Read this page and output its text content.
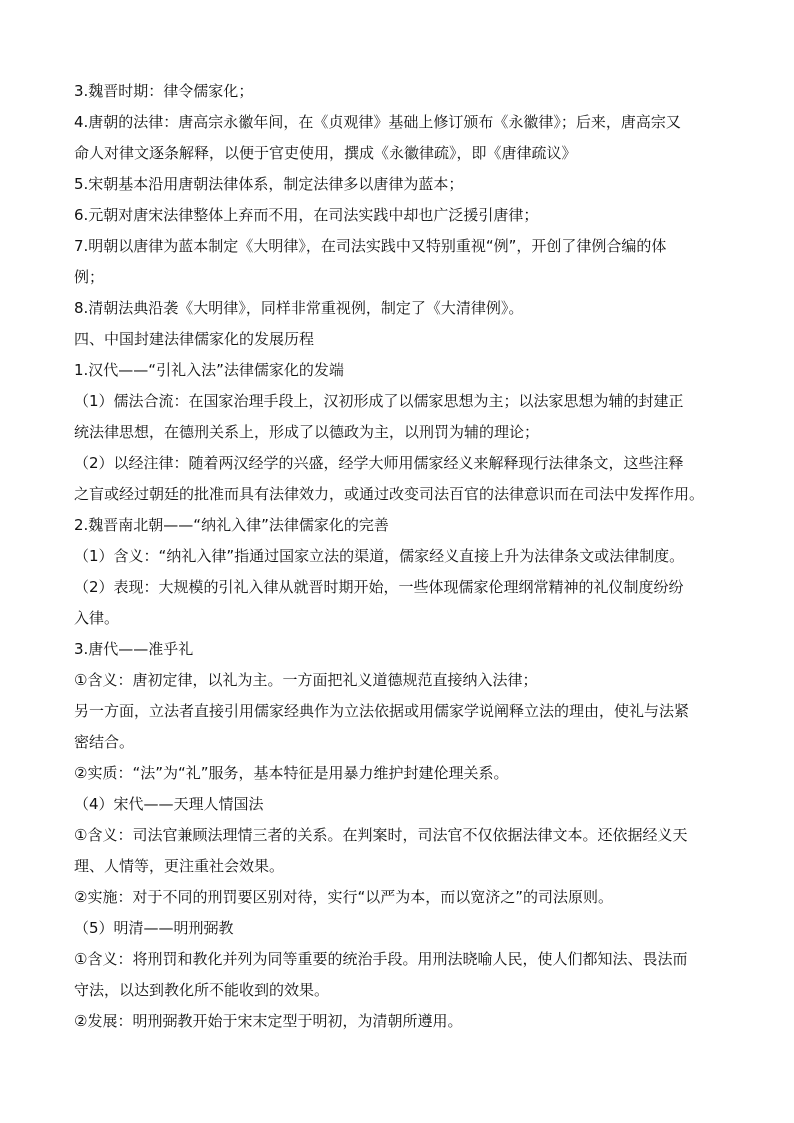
3.魏晋时期：律令儒家化；
4.唐朝的法律：唐高宗永徽年间，在《贞观律》基础上修订颁布《永徽律》；后来，唐高宗又
命人对律文逐条解释，以便于官吏使用，撰成《永徽律疏》，即《唐律疏议》
5.宋朝基本沿用唐朝法律体系，制定法律多以唐律为蓝本；
6.元朝对唐宋法律整体上弃而不用，在司法实践中却也广泛援引唐律；
7.明朝以唐律为蓝本制定《大明律》，在司法实践中又特别重视“例”，开创了律例合编的体
例；
8.清朝法典沿袭《大明律》，同样非常重视例，制定了《大清律例》。
四、中国封建法律儒家化的发展历程
1.汉代——“引礼入法”法律儒家化的发端
（1）儒法合流：在国家治理手段上，汉初形成了以儒家思想为主；以法家思想为辅的封建正
统法律思想，在德刑关系上，形成了以德政为主，以刑罚为辅的理论；
（2）以经注律：随着两汉经学的兴盛，经学大师用儒家经义来解释现行法律条文，这些注释
之盲或经过朝廷的批准而具有法律效力，或通过改变司法百官的法律意识而在司法中发挥作用。
2.魏晋南北朝——“纳礼入律”法律儒家化的完善
（1）含义：“纳礼入律”指通过国家立法的渠道，儒家经义直接上升为法律条文或法律制度。
（2）表现：大规模的引礼入律从就晋时期开始，一些体现儒家伦理纲常精神的礼仪制度纷纷
入律。
3.唐代——准乎礼
①含义：唐初定律，以礼为主。一方面把礼义道德规范直接纳入法律；
另一方面，立法者直接引用儒家经典作为立法依据或用儒家学说阐释立法的理由，使礼与法紧
密结合。
②实质：“法”为“礼”服务，基本特征是用暴力维护封建伦理关系。
（4）宋代——天理人情国法
①含义：司法官兼顾法理情三者的关系。在判案时，司法官不仅依据法律文本。还依据经义天
理、人情等，更注重社会效果。
②实施：对于不同的刑罚要区别对待，实行“以严为本，而以宽济之”的司法原则。
（5）明清——明刑弼教
①含义：将刑罚和教化并列为同等重要的统治手段。用刑法晓喻人民，使人们都知法、畏法而
守法，以达到教化所不能收到的效果。
②发展：明刑弼教开始于宋末定型于明初，为清朝所遵用。
